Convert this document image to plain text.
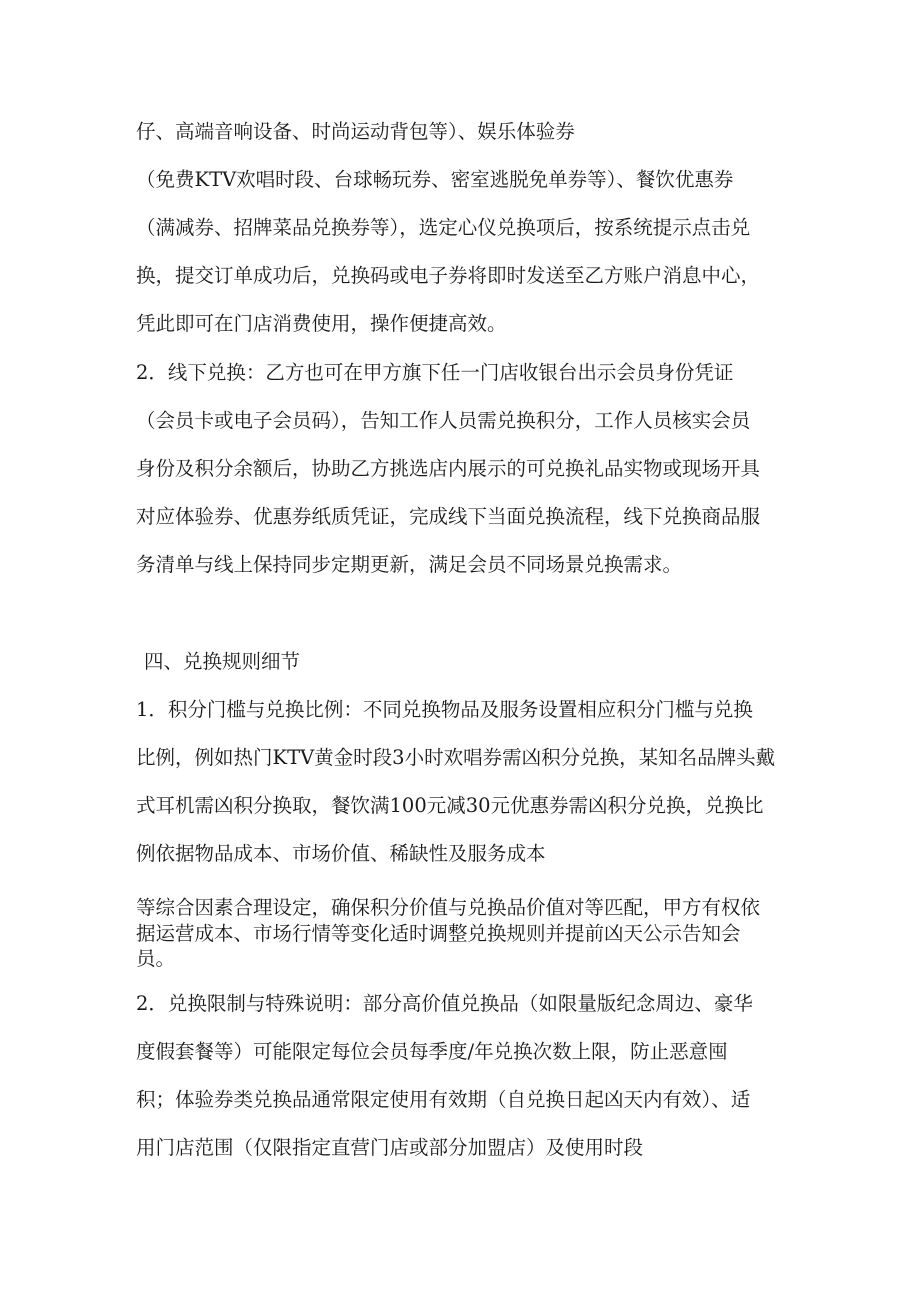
仔、高端音响设备、时尚运动背包等）、娱乐体验券
（免费KTV欢唱时段、台球畅玩券、密室逃脱免单券等）、餐饮优惠券
（满减券、招牌菜品兑换券等），选定心仪兑换项后，按系统提示点击兑
换，提交订单成功后，兑换码或电子券将即时发送至乙方账户消息中心，
凭此即可在门店消费使用，操作便捷高效。
2．线下兑换：乙方也可在甲方旗下任一门店收银台出示会员身份凭证
（会员卡或电子会员码），告知工作人员需兑换积分，工作人员核实会员
身份及积分余额后，协助乙方挑选店内展示的可兑换礼品实物或现场开具
对应体验券、优惠券纸质凭证，完成线下当面兑换流程，线下兑换商品服
务清单与线上保持同步定期更新，满足会员不同场景兑换需求。
四、兑换规则细节
1．积分门槛与兑换比例：不同兑换物品及服务设置相应积分门槛与兑换
比例，例如热门KTV黄金时段3小时欢唱券需凶积分兑换，某知名品牌头戴
式耳机需凶积分换取，餐饮满100元减30元优惠券需凶积分兑换，兑换比
例依据物品成本、市场价值、稀缺性及服务成本
等综合因素合理设定，确保积分价值与兑换品价值对等匹配，甲方有权依
据运营成本、市场行情等变化适时调整兑换规则并提前凶天公示告知会
员。
2．兑换限制与特殊说明：部分高价值兑换品（如限量版纪念周边、豪华
度假套餐等）可能限定每位会员每季度/年兑换次数上限，防止恶意囤
积；体验券类兑换品通常限定使用有效期（自兑换日起凶天内有效）、适
用门店范围（仅限指定直营门店或部分加盟店）及使用时段
